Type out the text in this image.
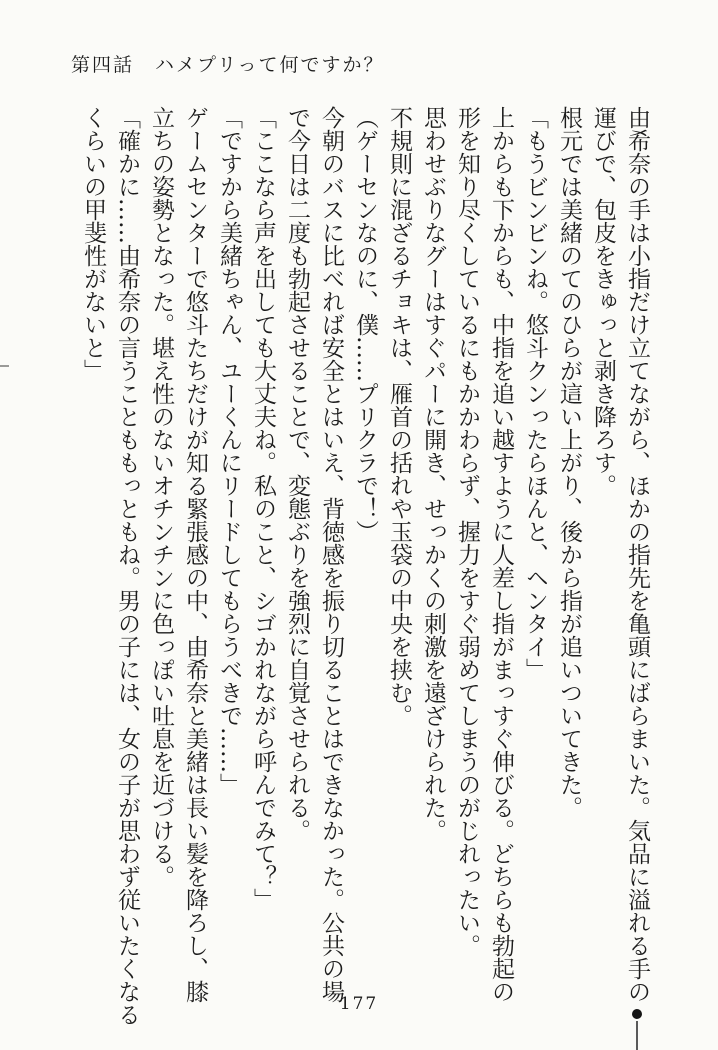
第四話　ハメプリって何ですか？
由希奈の手は小指だけ立てながら、ほかの指先を亀頭にばらまいた。気品に溢れる手の
運びで、包皮をきゅっと剥き降ろす。
根元では美緒のてのひらが這い上がり、後から指が追いついてきた。
「もうビンビンね。悠斗クンったらほんと、ヘンタイ」
上からも下からも、中指を追い越すように人差し指がまっすぐ伸びる。どちらも勃起の
形を知り尽くしているにもかかわらず、握力をすぐ弱めてしまうのがじれったい。
思わせぶりなグーはすぐパーに開き、せっかくの刺激を遠ざけられた。
不規則に混ざるチョキは、雁首の括れや玉袋の中央を挟む。
（ゲーセンなのに、僕……プリクラで！）
今朝のバスに比べれば安全とはいえ、背徳感を振り切ることはできなかった。公共の場
で今日は二度も勃起させることで、変態ぶりを強烈に自覚させられる。
「ここなら声を出しても大丈夫ね。私のこと、シゴかれながら呼んでみて？」
「ですから美緒ちゃん、ユーくんにリードしてもらうべきで……」
ゲームセンターで悠斗たちだけが知る緊張感の中、由希奈と美緒は長い髪を降ろし、膝
立ちの姿勢となった。堪え性のないオチンチンに色っぽい吐息を近づける。
「確かに……由希奈の言うことももっともね。男の子には、女の子が思わず従いたくなる
くらいの甲斐性がないと」
177
